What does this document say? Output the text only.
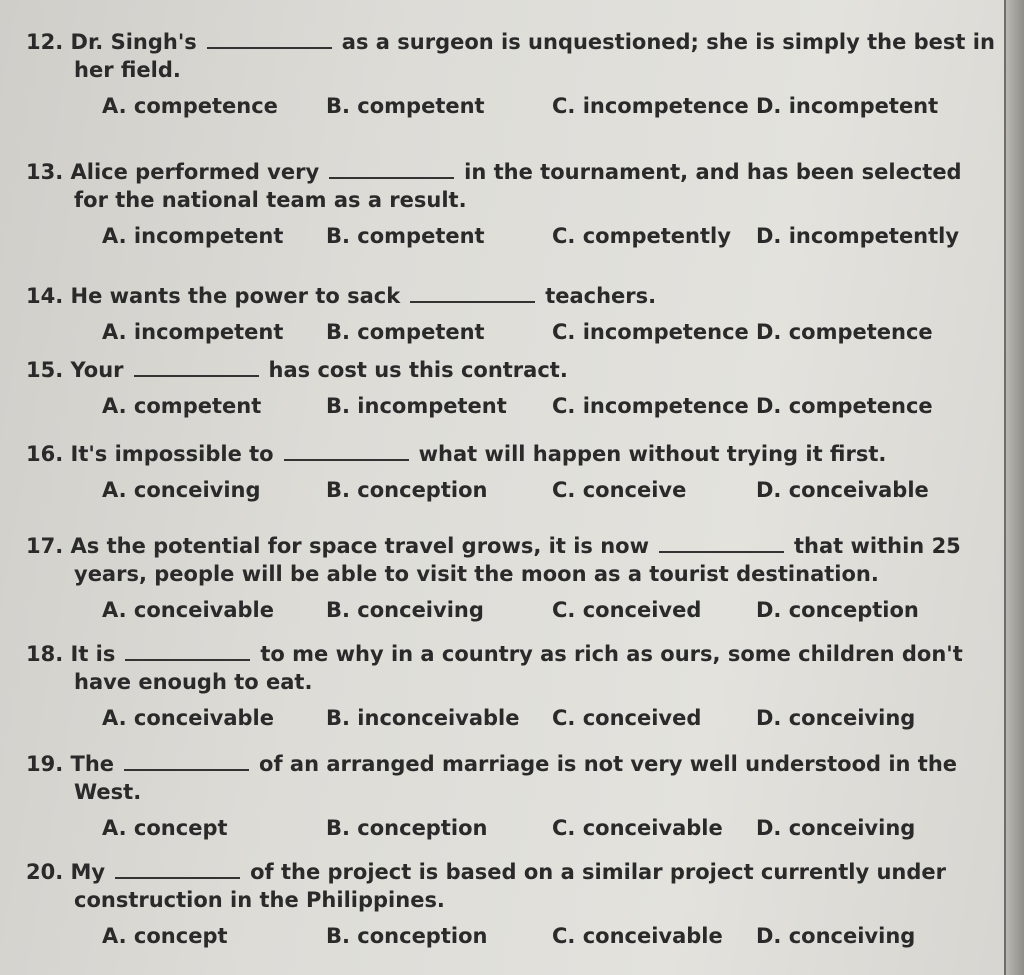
12. Dr. Singh's	as a surgeon is unquestioned; she is simply the best in
her field.
A. competence B. competent	C. incompetence D. incompetent
13. Alice performed very	in the tournament, and has been selected
for the national team as a result.
A. incompetent B. competent	C. competently D. incompetently
14. He wants the power to sack	teachers.
A. incompetent B. competent	C. incompetence D. competence
15. Your	has cost us this contract.
A. competent	B. incompetent C. incompetence D. competence
16. It's impossible to	what will happen without trying it first.
A. conceiving	B. conception	C. conceive	D. conceivable
17. As the potential for space travel grows, it is now	that within 25
years, people will be able to visit the moon as a tourist destination.
A. conceivable B. conceiving	C. conceived	D. conception
18. It is	to me why in a country as rich as ours, some children don't
have enough to eat.
A. conceivable B. inconceivable C. conceived	D. conceiving
19. The	of an arranged marriage is not very well understood in the
West.
A. concept	B. conception	C. conceivable D. conceiving
20. My	of the project is based on a similar project currently under
construction in the Philippines.
A. concept	B. conception	C. conceivable D. conceiving
